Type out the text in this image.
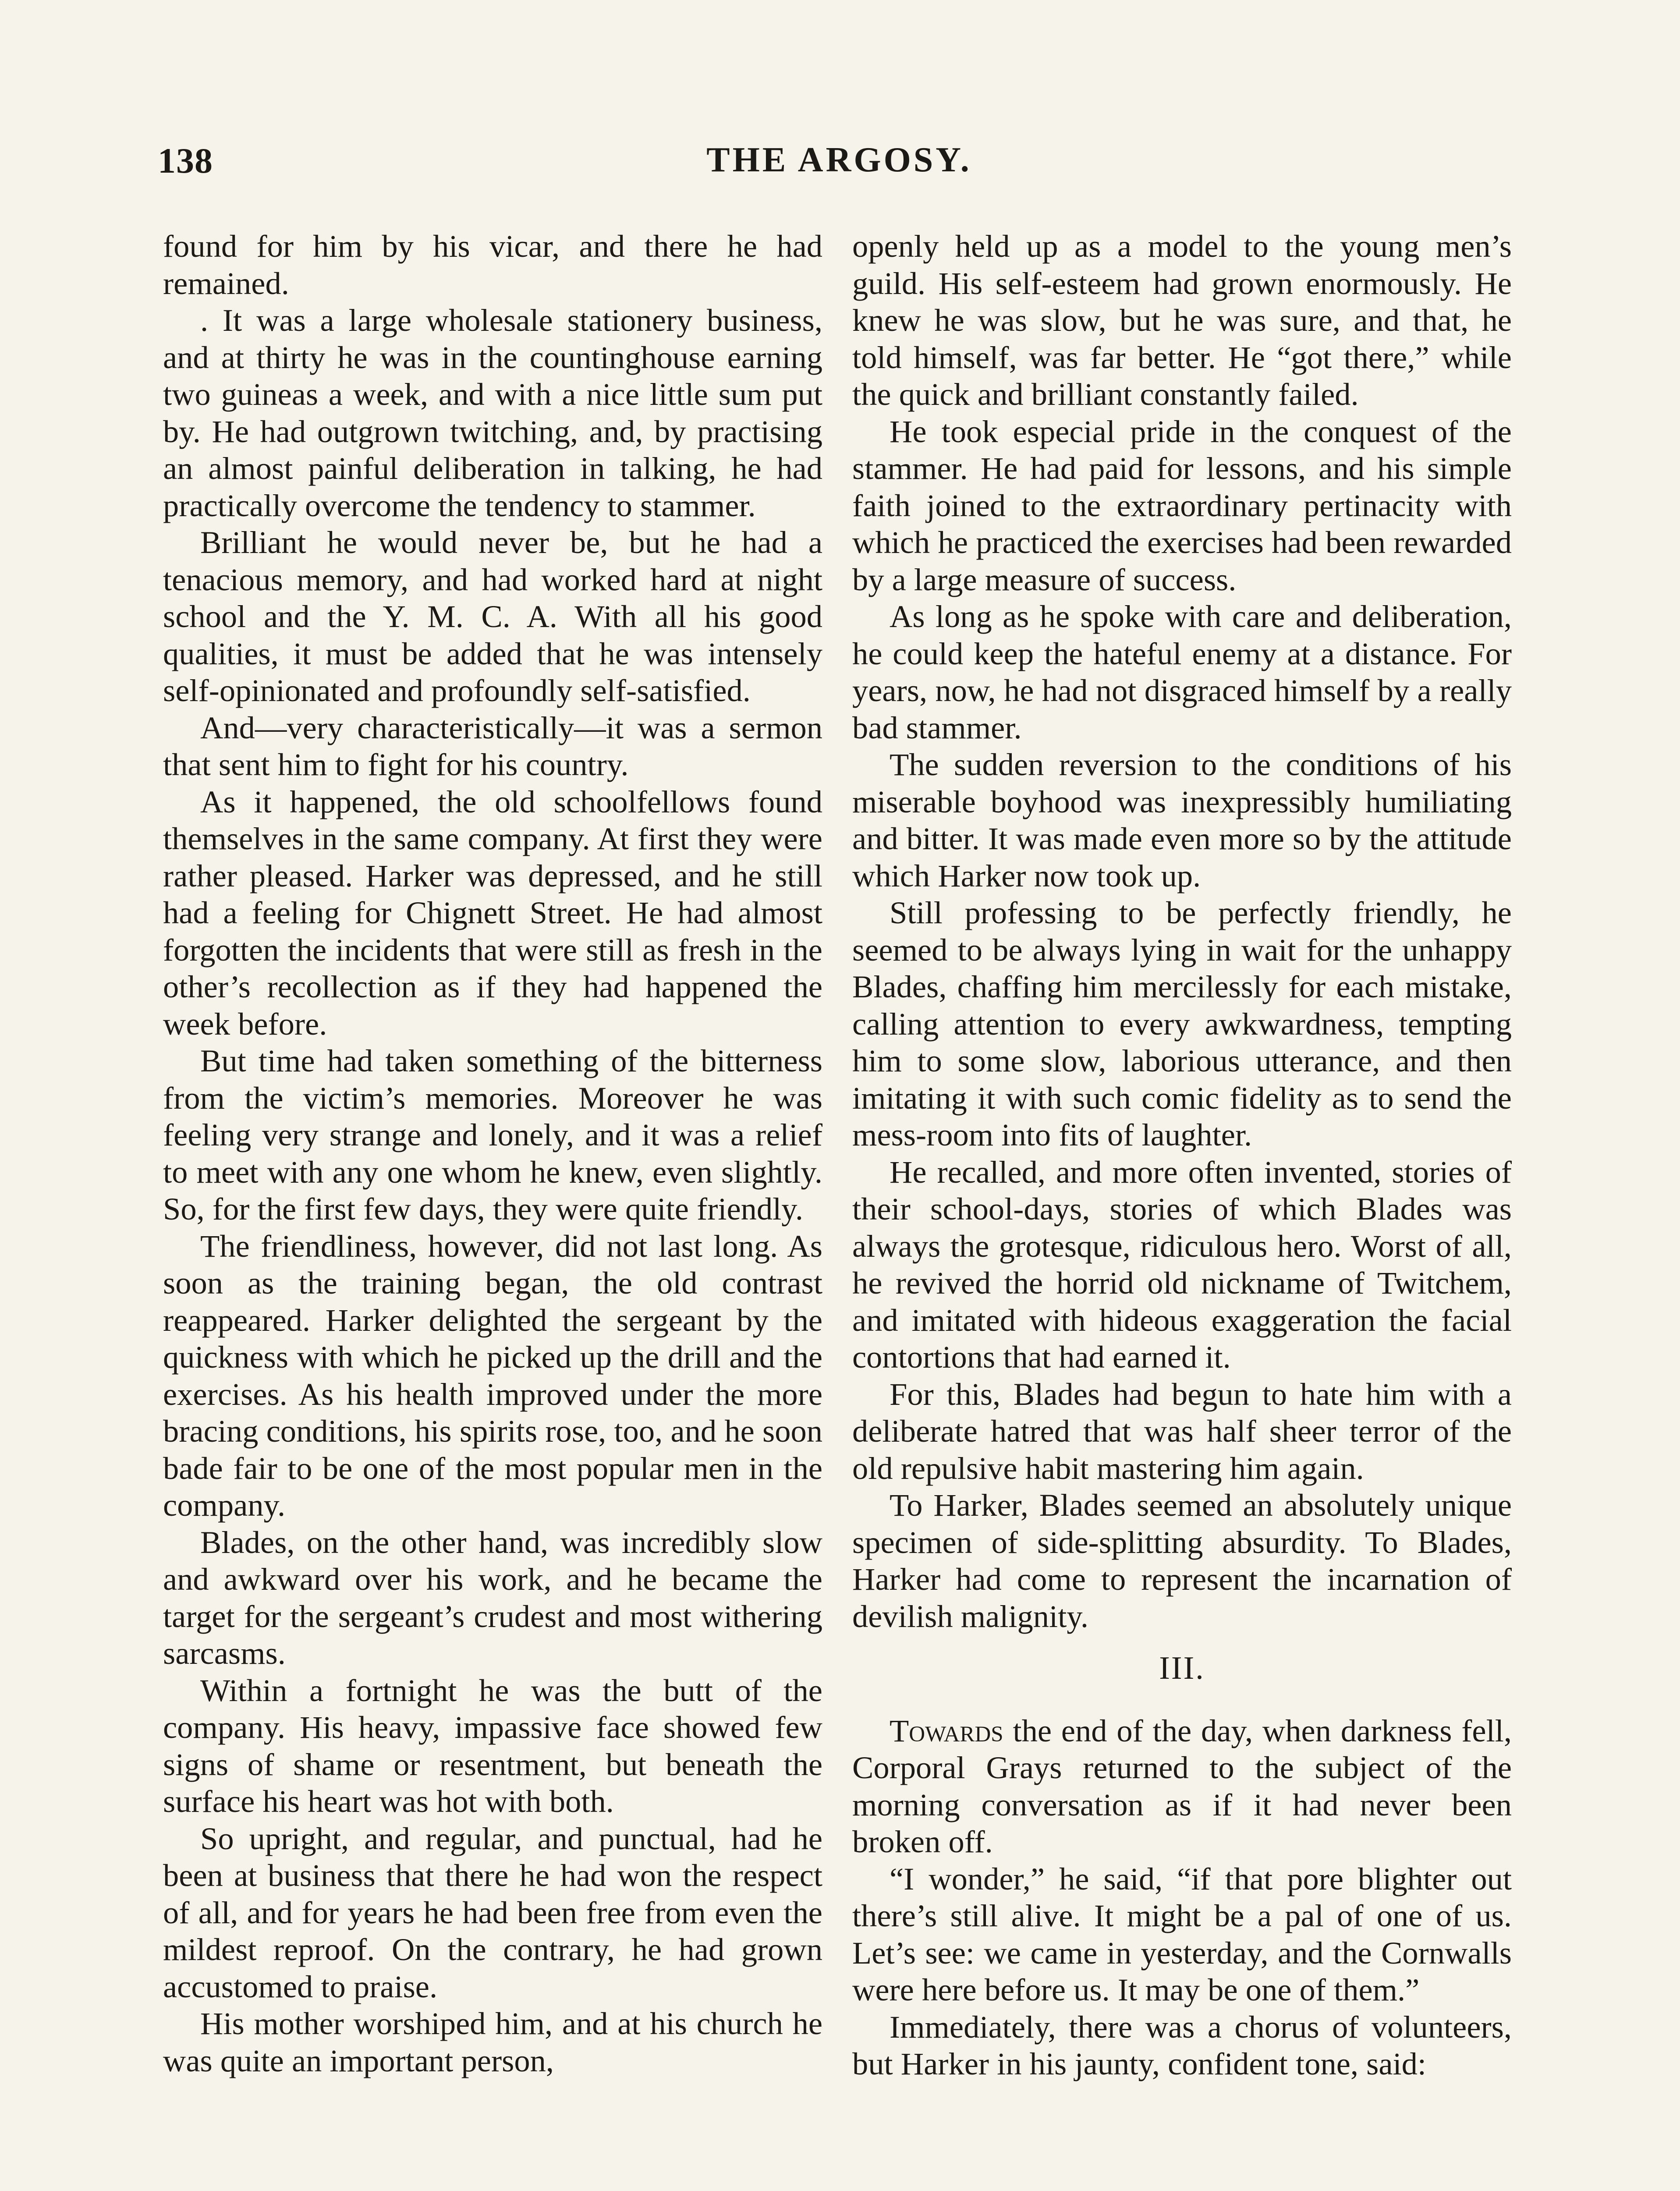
138	THE ARGOSY.

found for him by his vicar, and there he had remained.

. It was a large wholesale stationery business, and at thirty he was in the countinghouse earning two guineas a week, and with a nice little sum put by. He had outgrown twitching, and, by practising an almost painful deliberation in talking, he had practically overcome the tendency to stammer.

Brilliant he would never be, but he had a tenacious memory, and had worked hard at night school and the Y. M. C. A. With all his good qualities, it must be added that he was intensely self-opinionated and profoundly self-satisfied.

And—very characteristically—it was a sermon that sent him to fight for his country.

As it happened, the old schoolfellows found themselves in the same company. At first they were rather pleased. Harker was depressed, and he still had a feeling for Chignett Street. He had almost forgotten the incidents that were still as fresh in the other’s recollection as if they had happened the week before.

But time had taken something of the bitterness from the victim’s memories. Moreover he was feeling very strange and lonely, and it was a relief to meet with any one whom he knew, even slightly. So, for the first few days, they were quite friendly.

The friendliness, however, did not last long. As soon as the training began, the old contrast reappeared. Harker delighted the sergeant by the quickness with which he picked up the drill and the exercises. As his health improved under the more bracing conditions, his spirits rose, too, and he soon bade fair to be one of the most popular men in the company.

Blades, on the other hand, was incredibly slow and awkward over his work, and he became the target for the sergeant’s crudest and most withering sarcasms.

Within a fortnight he was the butt of the company. His heavy, impassive face showed few signs of shame or resentment, but beneath the surface his heart was hot with both.

So upright, and regular, and punctual, had he been at business that there he had won the respect of all, and for years he had been free from even the mildest reproof. On the contrary, he had grown accustomed to praise.

His mother worshiped him, and at his church he was quite an important person,

openly held up as a model to the young men’s guild. His self-esteem had grown enormously. He knew he was slow, but he was sure, and that, he told himself, was far better. He “got there,” while the quick and brilliant constantly failed.

He took especial pride in the conquest of the stammer. He had paid for lessons, and his simple faith joined to the extraordinary pertinacity with which he practiced the exercises had been rewarded by a large measure of success.

As long as he spoke with care and deliberation, he could keep the hateful enemy at a distance. For years, now, he had not disgraced himself by a really bad stammer.

The sudden reversion to the conditions of his miserable boyhood was inexpressibly humiliating and bitter. It was made even more so by the attitude which Harker now took up.

Still professing to be perfectly friendly, he seemed to be always lying in wait for the unhappy Blades, chaffing him mercilessly for each mistake, calling attention to every awkwardness, tempting him to some slow, laborious utterance, and then imitating it with such comic fidelity as to send the mess-room into fits of laughter.

He recalled, and more often invented, stories of their school-days, stories of which Blades was always the grotesque, ridiculous hero. Worst of all, he revived the horrid old nickname of Twitchem, and imitated with hideous exaggeration the facial contortions that had earned it.

For this, Blades had begun to hate him with a deliberate hatred that was half sheer terror of the old repulsive habit mastering him again.

To Harker, Blades seemed an absolutely unique specimen of side-splitting absurdity. To Blades, Harker had come to represent the incarnation of devilish malignity.

III.

Towards the end of the day, when darkness fell, Corporal Grays returned to the subject of the morning conversation as if it had never been broken off.

“I wonder,” he said, “if that pore blighter out there’s still alive. It might be a pal of one of us. Let’s see: we came in yesterday, and the Cornwalls were here before us. It may be one of them.”

Immediately, there was a chorus of volunteers, but Harker in his jaunty, confident tone, said:
